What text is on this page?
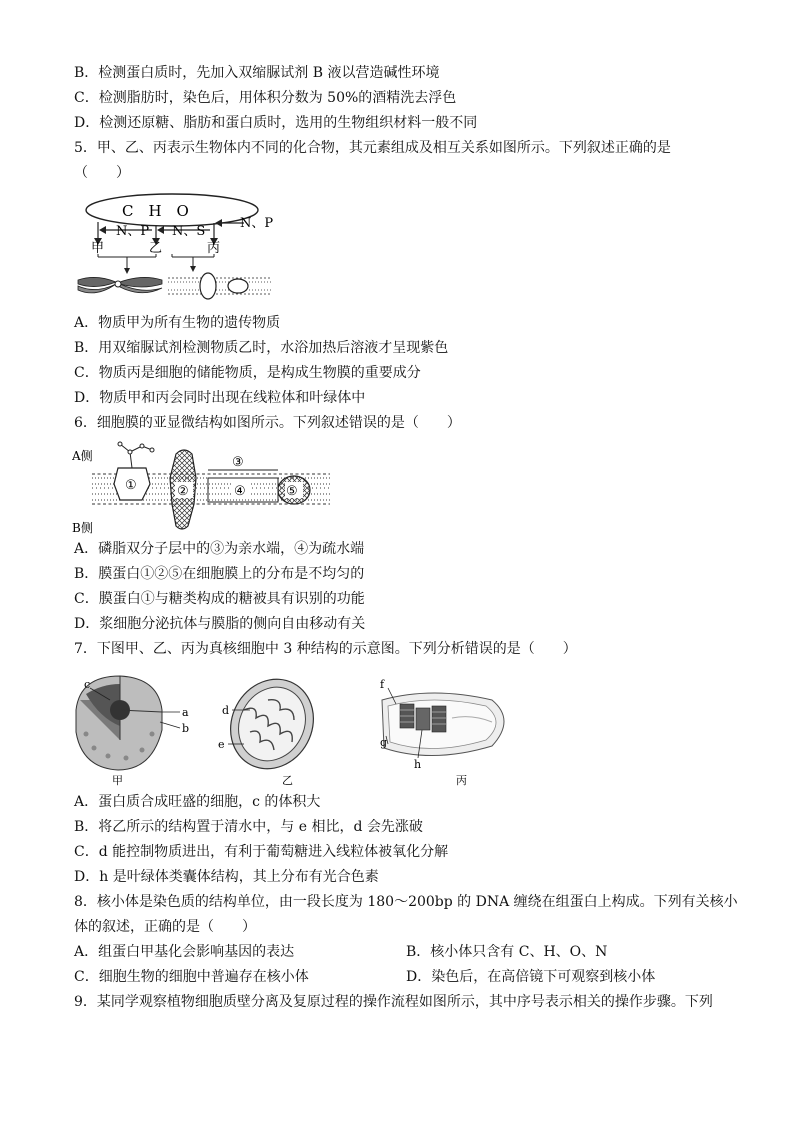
B．检测蛋白质时，先加入双缩脲试剂 B 液以营造碱性环境
C．检测脂肪时，染色后，用体积分数为 50%的酒精洗去浮色
D．检测还原糖、脂肪和蛋白质时，选用的生物组织材料一般不同
5．甲、乙、丙表示生物体内不同的化合物，其元素组成及相互关系如图所示。下列叙述正确的是
（　　）
C　H　O
N、P N、S
N、P
甲	乙	丙
A．物质甲为所有生物的遗传物质
B．用双缩脲试剂检测物质乙时，水浴加热后溶液才呈现紫色
C．物质丙是细胞的储能物质，是构成生物膜的重要成分
D．物质甲和丙会同时出现在线粒体和叶绿体中
6．细胞膜的亚显微结构如图所示。下列叙述错误的是（　　）
A侧
B侧
①	②
③
④	⑤
A．磷脂双分子层中的③为亲水端，④为疏水端
B．膜蛋白①②⑤在细胞膜上的分布是不均匀的
C．膜蛋白①与糖类构成的糖被具有识别的功能
D．浆细胞分泌抗体与膜脂的侧向自由移动有关
7．下图甲、乙、丙为真核细胞中 3 种结构的示意图。下列分析错误的是（　　）
c
a
b
甲
d
e
乙
f
g
h
丙
A．蛋白质合成旺盛的细胞，c 的体积大
B．将乙所示的结构置于清水中，与 e 相比，d 会先涨破
C．d 能控制物质进出，有利于葡萄糖进入线粒体被氧化分解
D．h 是叶绿体类囊体结构，其上分布有光合色素
8．核小体是染色质的结构单位，由一段长度为 180～200bp 的 DNA 缠绕在组蛋白上构成。下列有关核小
体的叙述，正确的是（　　）
A．组蛋白甲基化会影响基因的表达	B．核小体只含有 C、H、O、N
C．细胞生物的细胞中普遍存在核小体	D．染色后，在高倍镜下可观察到核小体
9．某同学观察植物细胞质壁分离及复原过程的操作流程如图所示，其中序号表示相关的操作步骤。下列
